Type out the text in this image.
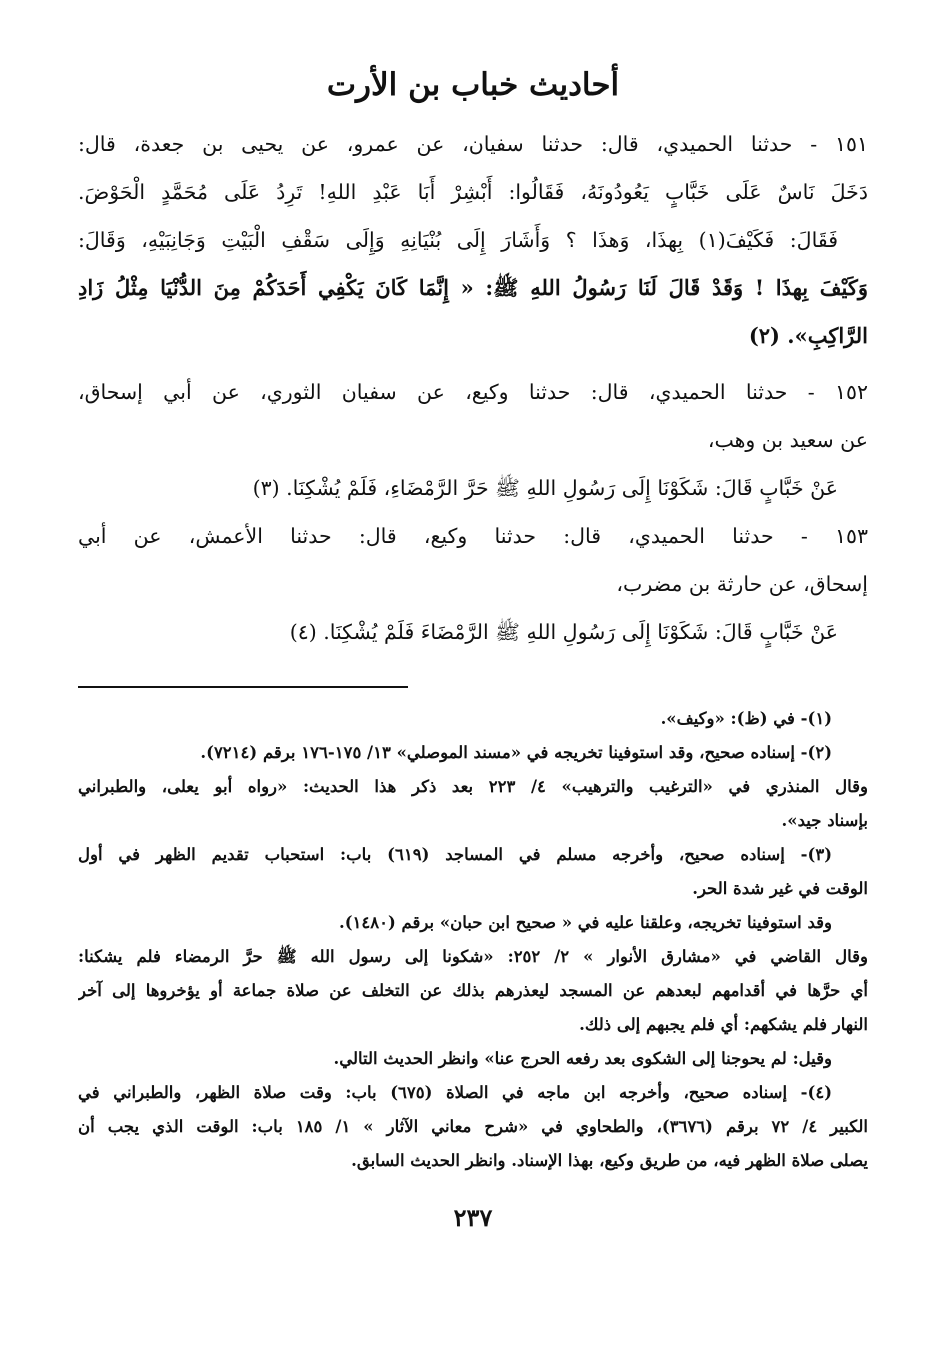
أحاديث خباب بن الأرت
١٥١ - حدثنا الحميدي، قال: حدثنا سفيان، عن عمرو، عن يحيى بن جعدة، قال:
دَخَلَ نَاسٌ عَلَى خَبَّابٍ يَعُودُونَهُ، فَقَالُوا: أَبْشِرْ أَبَا عَبْدِ اللهِ! تَرِدُ عَلَى مُحَمَّدٍ الْحَوْضَ.
فَقَالَ: فَكَيْفَ(١) بِهذَا، وَهذَا ؟ وَأَشَارَ إِلَى بُنْيَانِهِ وَإِلَى سَقْفِ الْبَيْتِ وَجَانِبَيْهِ، وَقَالَ:
وَكَيْفَ بِهذَا ! وَقَدْ قَالَ لَنَا رَسُولُ اللهِ ﷺ: « إِنَّمَا كَانَ يَكْفِي أَحَدَكُمْ مِنَ الدُّنْيَا مِثْلُ زَادِ
الرَّاكِبِ». (٢)
١٥٢ - حدثنا الحميدي، قال: حدثنا وكيع، عن سفيان الثوري، عن أبي إسحاق،
عن سعيد بن وهب،
عَنْ خَبَّابٍ قَالَ: شَكَوْنَا إِلَى رَسُولِ اللهِ ﷺ حَرَّ الرَّمْضَاءِ، فَلَمْ يُشْكِنَا. (٣)
١٥٣ - حدثنا الحميدي، قال: حدثنا وكيع، قال: حدثنا الأعمش، عن أبي
إسحاق، عن حارثة بن مضرب،
عَنْ خَبَّابٍ قَالَ: شَكَوْنَا إِلَى رَسُولِ اللهِ ﷺ الرَّمْضَاءَ فَلَمْ يُشْكِنَا. (٤)
(١)- في (ظ): «وكيف».
(٢)- إسناده صحيح، وقد استوفينا تخريجه في «مسند الموصلي» ١٣/ ١٧٥-١٧٦ برقم (٧٢١٤).
وقال المنذري في «الترغيب والترهيب» ٤/ ٢٢٣ بعد ذكر هذا الحديث: «رواه أبو يعلى، والطبراني
بإسناد جيد».
(٣)- إسناده صحيح، وأخرجه مسلم في المساجد (٦١٩) باب: استحباب تقديم الظهر في أول
الوقت في غير شدة الحر.
وقد استوفينا تخريجه، وعلقنا عليه في « صحيح ابن حبان» برقم (١٤٨٠).
وقال القاضي في «مشارق الأنوار » ٢/ ٢٥٢: «شكونا إلى رسول الله ﷺ حرَّ الرمضاء فلم يشكنا:
أي حرَّها في أقدامهم لبعدهم عن المسجد ليعذرهم بذلك عن التخلف عن صلاة جماعة أو يؤخروها إلى آخر
النهار فلم يشكهم: أي فلم يجبهم إلى ذلك.
وقيل: لم يحوجنا إلى الشكوى بعد رفعه الحرج عنا» وانظر الحديث التالي.
(٤)- إسناده صحيح، وأخرجه ابن ماجه في الصلاة (٦٧٥) باب: وقت صلاة الظهر، والطبراني في
الكبير ٤/ ٧٢ برقم (٣٦٧٦)، والطحاوي في «شرح معاني الآثار » ١/ ١٨٥ باب: الوقت الذي يجب أن
يصلى صلاة الظهر فيه، من طريق وكيع، بهذا الإسناد. وانظر الحديث السابق.
٢٣٧
